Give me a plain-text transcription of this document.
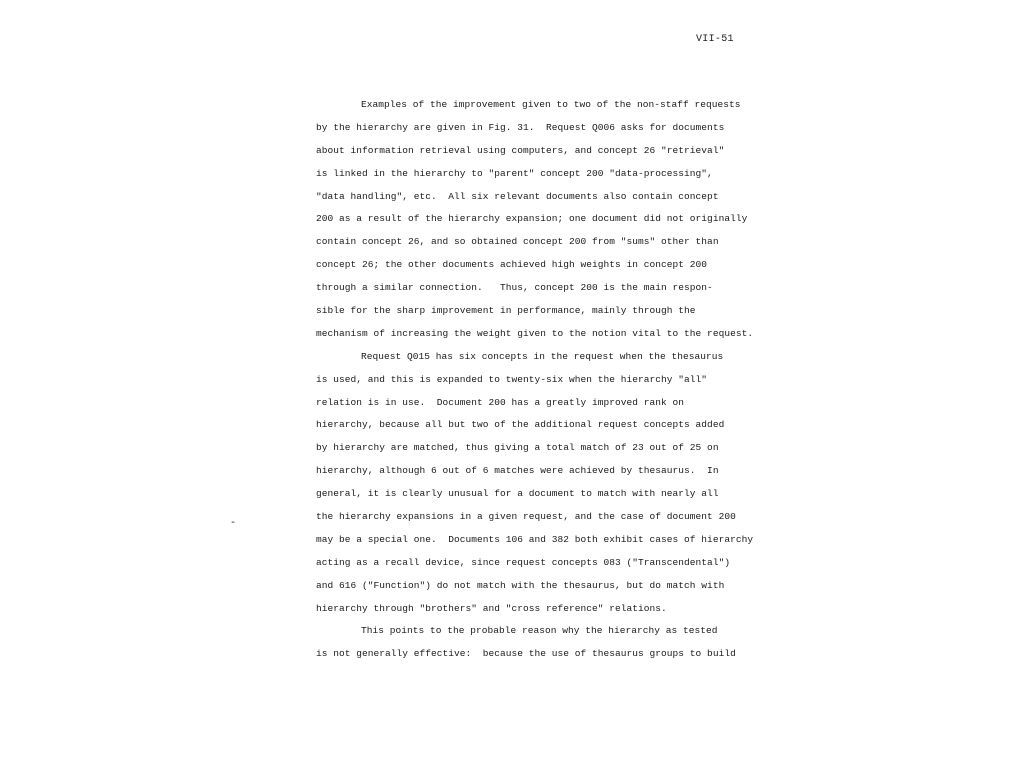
VII-51
-
Examples of the improvement given to two of the non-staff requests
by the hierarchy are given in Fig. 31.  Request Q006 asks for documents
about information retrieval using computers, and concept 26 "retrieval"
is linked in the hierarchy to "parent" concept 200 "data-processing",
"data handling", etc.  All six relevant documents also contain concept
200 as a result of the hierarchy expansion; one document did not originally
contain concept 26, and so obtained concept 200 from "sums" other than
concept 26; the other documents achieved high weights in concept 200
through a similar connection.   Thus, concept 200 is the main respon-
sible for the sharp improvement in performance, mainly through the
mechanism of increasing the weight given to the notion vital to the request.
Request Q015 has six concepts in the request when the thesaurus
is used, and this is expanded to twenty-six when the hierarchy "all"
relation is in use.  Document 200 has a greatly improved rank on
hierarchy, because all but two of the additional request concepts added
by hierarchy are matched, thus giving a total match of 23 out of 25 on
hierarchy, although 6 out of 6 matches were achieved by thesaurus.  In
general, it is clearly unusual for a document to match with nearly all
the hierarchy expansions in a given request, and the case of document 200
may be a special one.  Documents 106 and 382 both exhibit cases of hierarchy
acting as a recall device, since request concepts 083 ("Transcendental")
and 616 ("Function") do not match with the thesaurus, but do match with
hierarchy through "brothers" and "cross reference" relations.
This points to the probable reason why the hierarchy as tested
is not generally effective:  because the use of thesaurus groups to build
